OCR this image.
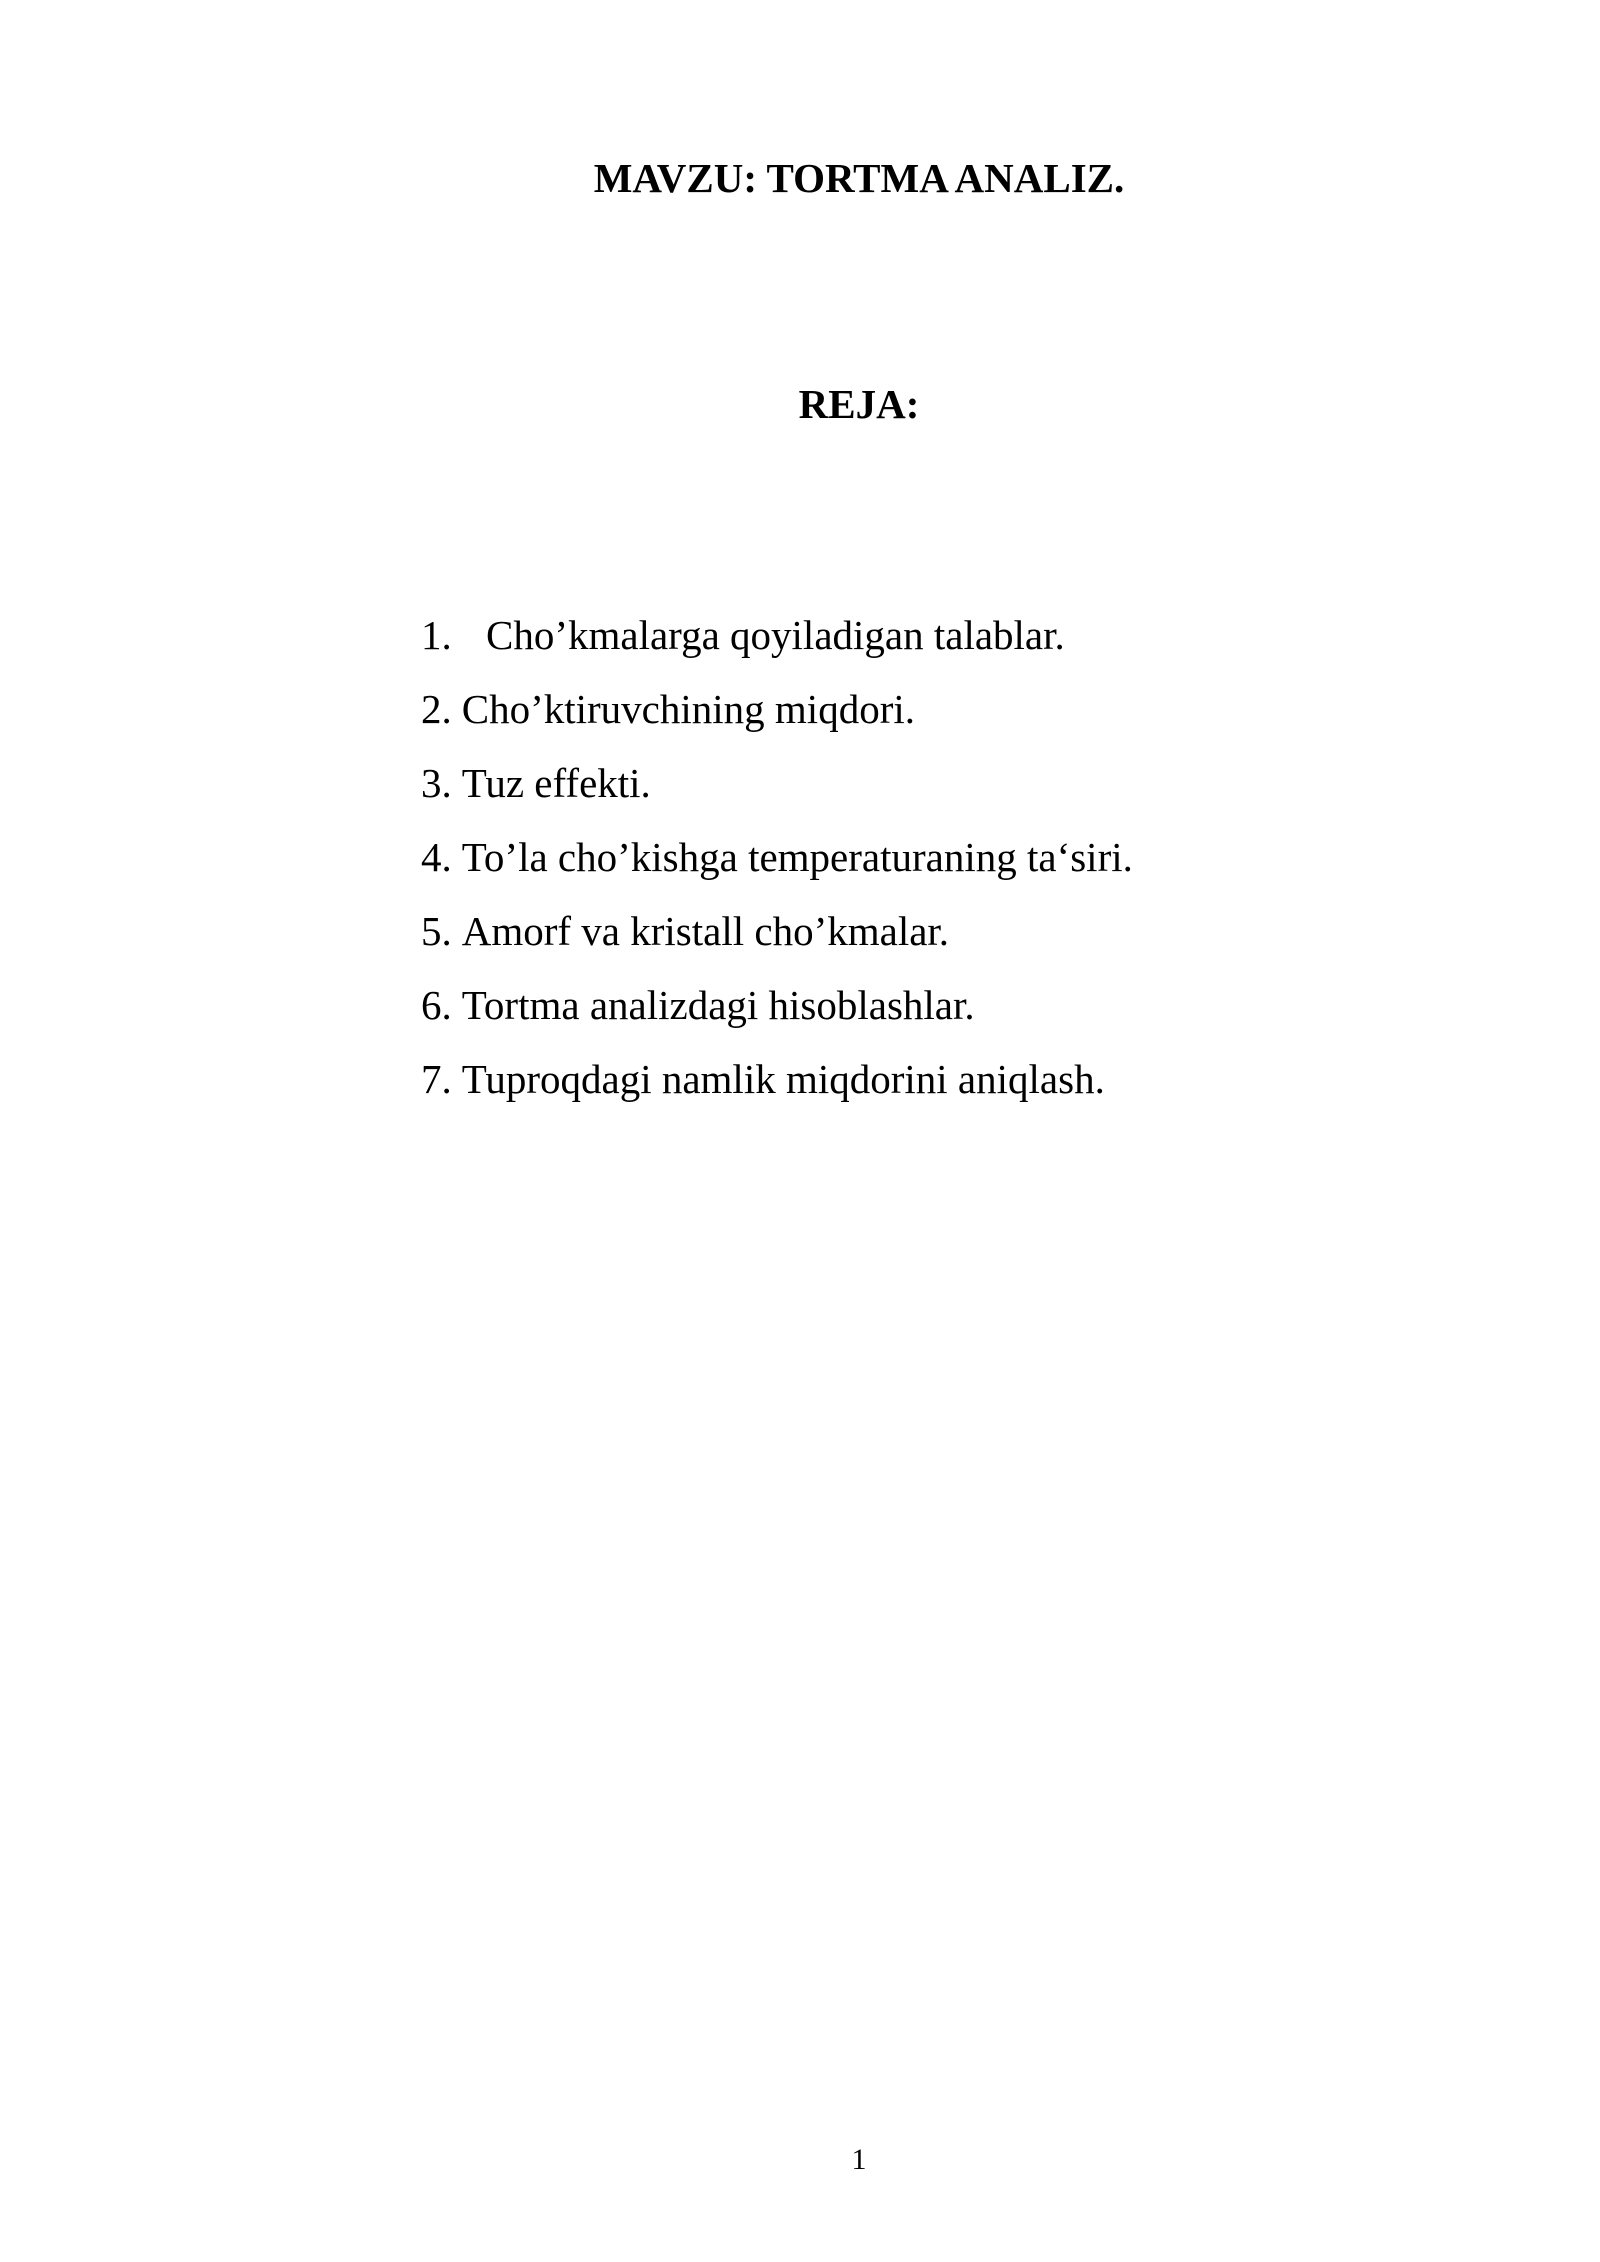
MAVZU: TORTMA ANALIZ.
REJA:
1. Cho’kmalarga qoyiladigan talablar.
2. Cho’ktiruvchining miqdori.
3. Tuz effekti.
4. To’la cho’kishga temperaturaning ta‘siri.
5. Amorf va kristall cho’kmalar.
6. Tortma analizdagi hisoblashlar.
7. Tuproqdagi namlik miqdorini aniqlash.
1
